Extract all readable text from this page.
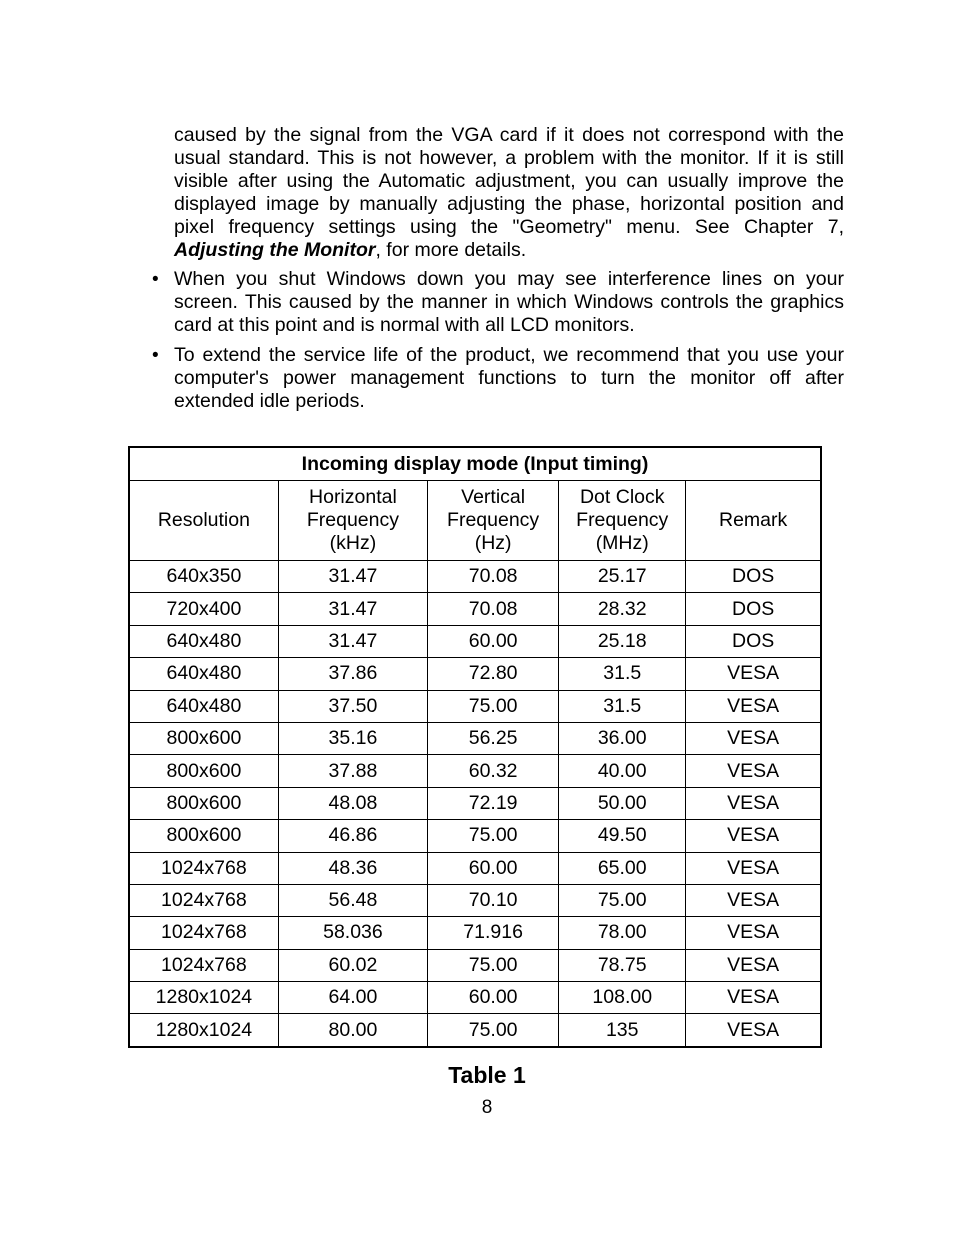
caused by the signal from the VGA card if it does not correspond with the usual standard. This is not however, a problem with the monitor. If it is still visible after using the Automatic adjustment, you can usually improve the displayed image by manually adjusting the phase, horizontal position and pixel frequency settings using the "Geometry" menu. See Chapter 7, Adjusting the Monitor, for more details.

• When you shut Windows down you may see interference lines on your screen. This caused by the manner in which Windows controls the graphics card at this point and is normal with all LCD monitors.
• To extend the service life of the product, we recommend that you use your computer's power management functions to turn the monitor off after extended idle periods.
Incoming display mode (Input timing)				
Resolution	Horizontal
Frequency
(kHz)	Vertical
Frequency
(Hz)	Dot Clock
Frequency
(MHz)	Remark
640x350	31.47	70.08	25.17	DOS
720x400	31.47	70.08	28.32	DOS
640x480	31.47	60.00	25.18	DOS
640x480	37.86	72.80	31.5	VESA
640x480	37.50	75.00	31.5	VESA
800x600	35.16	56.25	36.00	VESA
800x600	37.88	60.32	40.00	VESA
800x600	48.08	72.19	50.00	VESA
800x600	46.86	75.00	49.50	VESA
1024x768	48.36	60.00	65.00	VESA
1024x768	56.48	70.10	75.00	VESA
1024x768	58.036	71.916	78.00	VESA
1024x768	60.02	75.00	78.75	VESA
1280x1024	64.00	60.00	108.00	VESA
1280x1024	80.00	75.00	135	VESA
Table 1
8
